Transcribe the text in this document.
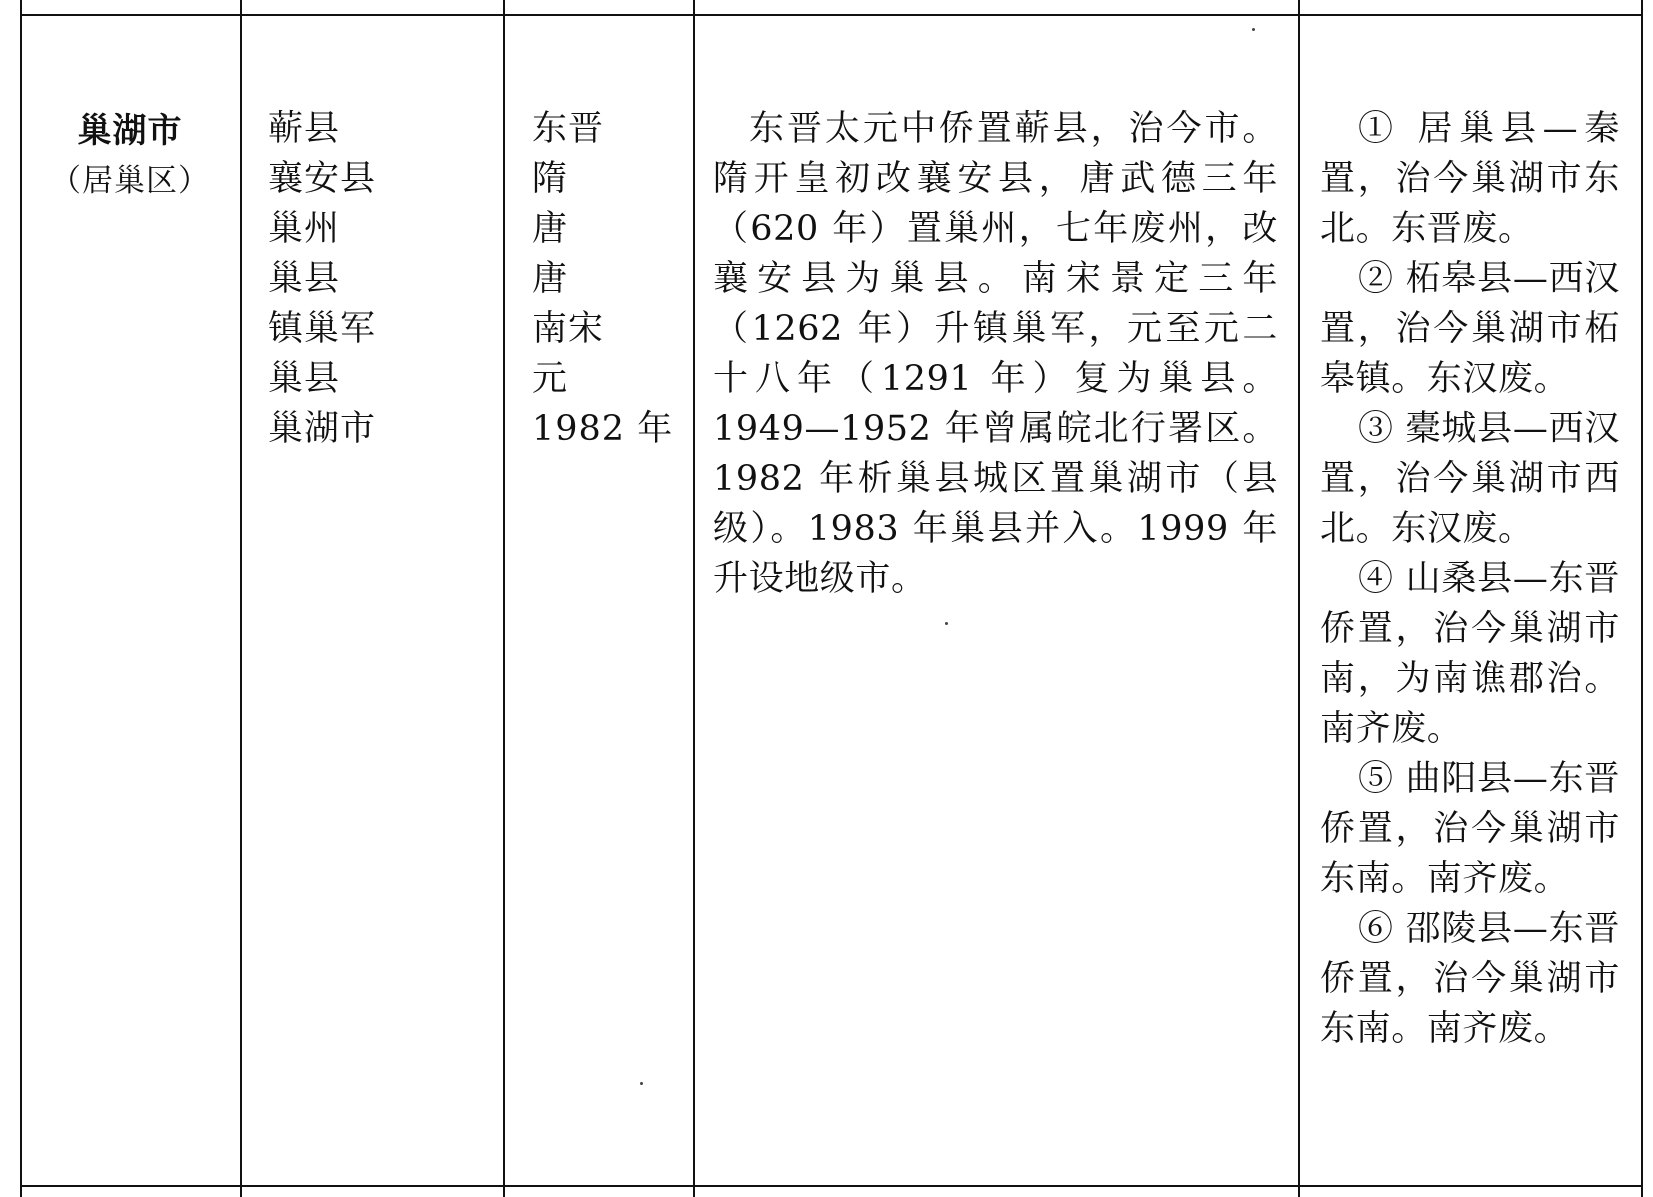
巢湖市
（居巢区）
蕲县
襄安县
巢州
巢县
镇巢军
巢县
巢湖市
东晋
隋
唐
唐
南宋
元
1982 年

东晋太元中侨置蕲县，治今市。隋开皇初改襄安县，唐武德三年（620 年）置巢州，七年废州，改襄安县为巢县。南宋景定三年（1262 年）升镇巢军，元至元二十八年（1291 年）复为巢县。1949—1952 年曾属皖北行署区。1982 年析巢县城区置巢湖市（县级）。1983 年巢县并入。1999 年升设地级市。

① 居巢县—秦置，治今巢湖市东北。东晋废。

② 柘皋县—西汉置，治今巢湖市柘皋镇。东汉废。

③ 橐城县—西汉置，治今巢湖市西北。东汉废。

④ 山桑县—东晋侨置，治今巢湖市南，为南谯郡治。南齐废。

⑤ 曲阳县—东晋侨置，治今巢湖市东南。南齐废。

⑥ 邵陵县—东晋侨置，治今巢湖市东南。南齐废。
